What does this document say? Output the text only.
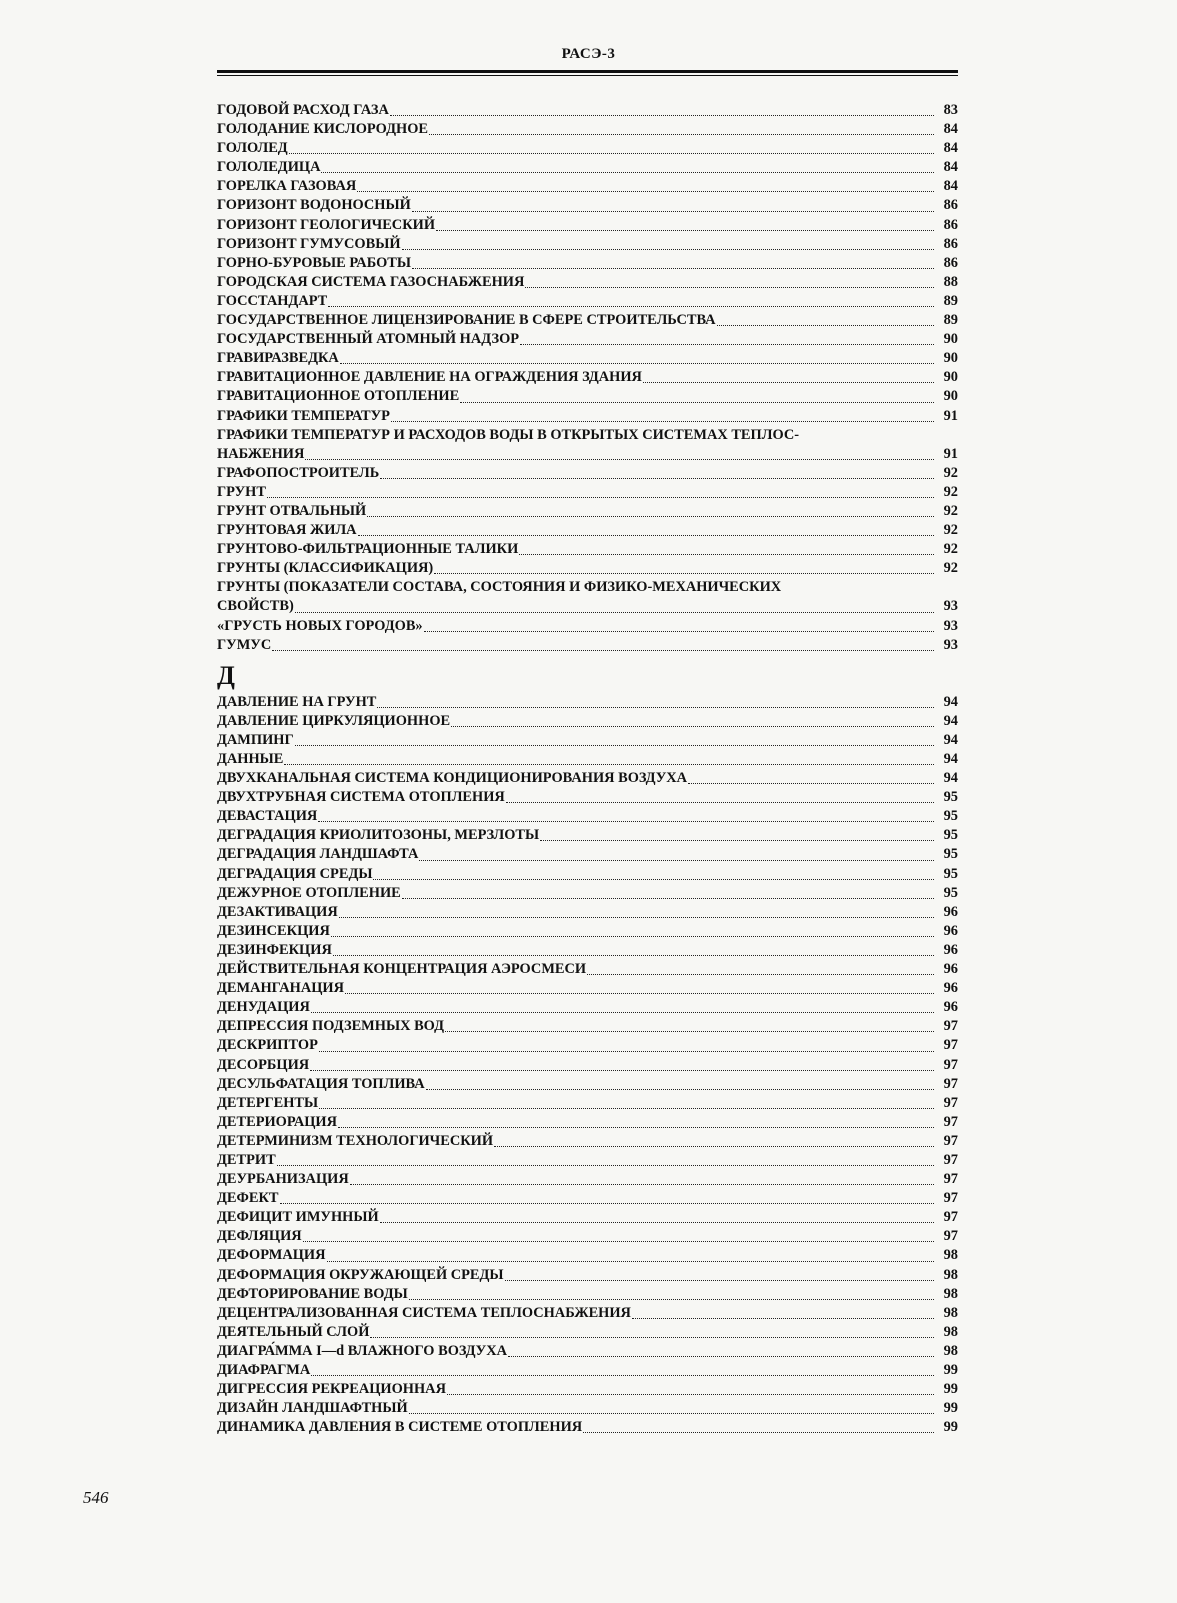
РАСЭ-3
ГОДОВОЙ РАСХОД ГАЗА	83
ГОЛОДАНИЕ КИСЛОРОДНОЕ	84
ГОЛОЛЕД	84
ГОЛОЛЕДИЦА	84
ГОРЕЛКА ГАЗОВАЯ	84
ГОРИЗОНТ ВОДОНОСНЫЙ	86
ГОРИЗОНТ ГЕОЛОГИЧЕСКИЙ	86
ГОРИЗОНТ ГУМУСОВЫЙ	86
ГОРНО-БУРОВЫЕ РАБОТЫ	86
ГОРОДСКАЯ СИСТЕМА ГАЗОСНАБЖЕНИЯ	88
ГОССТАНДАРТ	89
ГОСУДАРСТВЕННОЕ ЛИЦЕНЗИРОВАНИЕ В СФЕРЕ СТРОИТЕЛЬСТВА	89
ГОСУДАРСТВЕННЫЙ АТОМНЫЙ НАДЗОР	90
ГРАВИРАЗВЕДКА	90
ГРАВИТАЦИОННОЕ ДАВЛЕНИЕ НА ОГРАЖДЕНИЯ ЗДАНИЯ	90
ГРАВИТАЦИОННОЕ ОТОПЛЕНИЕ	90
ГРАФИКИ ТЕМПЕРАТУР	91
ГРАФИКИ ТЕМПЕРАТУР И РАСХОДОВ ВОДЫ В ОТКРЫТЫХ СИСТЕМАХ ТЕПЛОС-
НАБЖЕНИЯ	91
ГРАФОПОСТРОИТЕЛЬ	92
ГРУНТ	92
ГРУНТ ОТВАЛЬНЫЙ	92
ГРУНТОВАЯ ЖИЛА	92
ГРУНТОВО-ФИЛЬТРАЦИОННЫЕ ТАЛИКИ	92
ГРУНТЫ (КЛАССИФИКАЦИЯ)	92
ГРУНТЫ (ПОКАЗАТЕЛИ СОСТАВА, СОСТОЯНИЯ И ФИЗИКО-МЕХАНИЧЕСКИХ
СВОЙСТВ)	93
«ГРУСТЬ НОВЫХ ГОРОДОВ»	93
ГУМУС	93
Д
ДАВЛЕНИЕ НА ГРУНТ	94
ДАВЛЕНИЕ ЦИРКУЛЯЦИОННОЕ	94
ДАМПИНГ	94
ДАННЫЕ	94
ДВУХКАНАЛЬНАЯ СИСТЕМА КОНДИЦИОНИРОВАНИЯ ВОЗДУХА	94
ДВУХТРУБНАЯ СИСТЕМА ОТОПЛЕНИЯ	95
ДЕВАСТАЦИЯ	95
ДЕГРАДАЦИЯ КРИОЛИТОЗОНЫ, МЕРЗЛОТЫ	95
ДЕГРАДАЦИЯ ЛАНДШАФТА	95
ДЕГРАДАЦИЯ СРЕДЫ	95
ДЕЖУРНОЕ ОТОПЛЕНИЕ	95
ДЕЗАКТИВАЦИЯ	96
ДЕЗИНСЕКЦИЯ	96
ДЕЗИНФЕКЦИЯ	96
ДЕЙСТВИТЕЛЬНАЯ КОНЦЕНТРАЦИЯ АЭРОСМЕСИ	96
ДЕМАНГАНАЦИЯ	96
ДЕНУДАЦИЯ	96
ДЕПРЕССИЯ ПОДЗЕМНЫХ ВОД	97
ДЕСКРИПТОР	97
ДЕСОРБЦИЯ	97
ДЕСУЛЬФАТАЦИЯ ТОПЛИВА	97
ДЕТЕРГЕНТЫ	97
ДЕТЕРИОРАЦИЯ	97
ДЕТЕРМИНИЗМ ТЕХНОЛОГИЧЕСКИЙ	97
ДЕТРИТ	97
ДЕУРБАНИЗАЦИЯ	97
ДЕФЕКТ	97
ДЕФИЦИТ ИМУННЫЙ	97
ДЕФЛЯЦИЯ	97
ДЕФОРМАЦИЯ	98
ДЕФОРМАЦИЯ ОКРУЖАЮЩЕЙ СРЕДЫ	98
ДЕФТОРИРОВАНИЕ ВОДЫ	98
ДЕЦЕНТРАЛИЗОВАННАЯ СИСТЕМА ТЕПЛОСНАБЖЕНИЯ	98
ДЕЯТЕЛЬНЫЙ СЛОЙ	98
ДИАГРА́ММА I—d ВЛАЖНОГО ВОЗДУХА	98
ДИАФРАГМА	99
ДИГРЕССИЯ РЕКРЕАЦИОННАЯ	99
ДИЗАЙН ЛАНДШАФТНЫЙ	99
ДИНАМИКА ДАВЛЕНИЯ В СИСТЕМЕ ОТОПЛЕНИЯ	99
546
